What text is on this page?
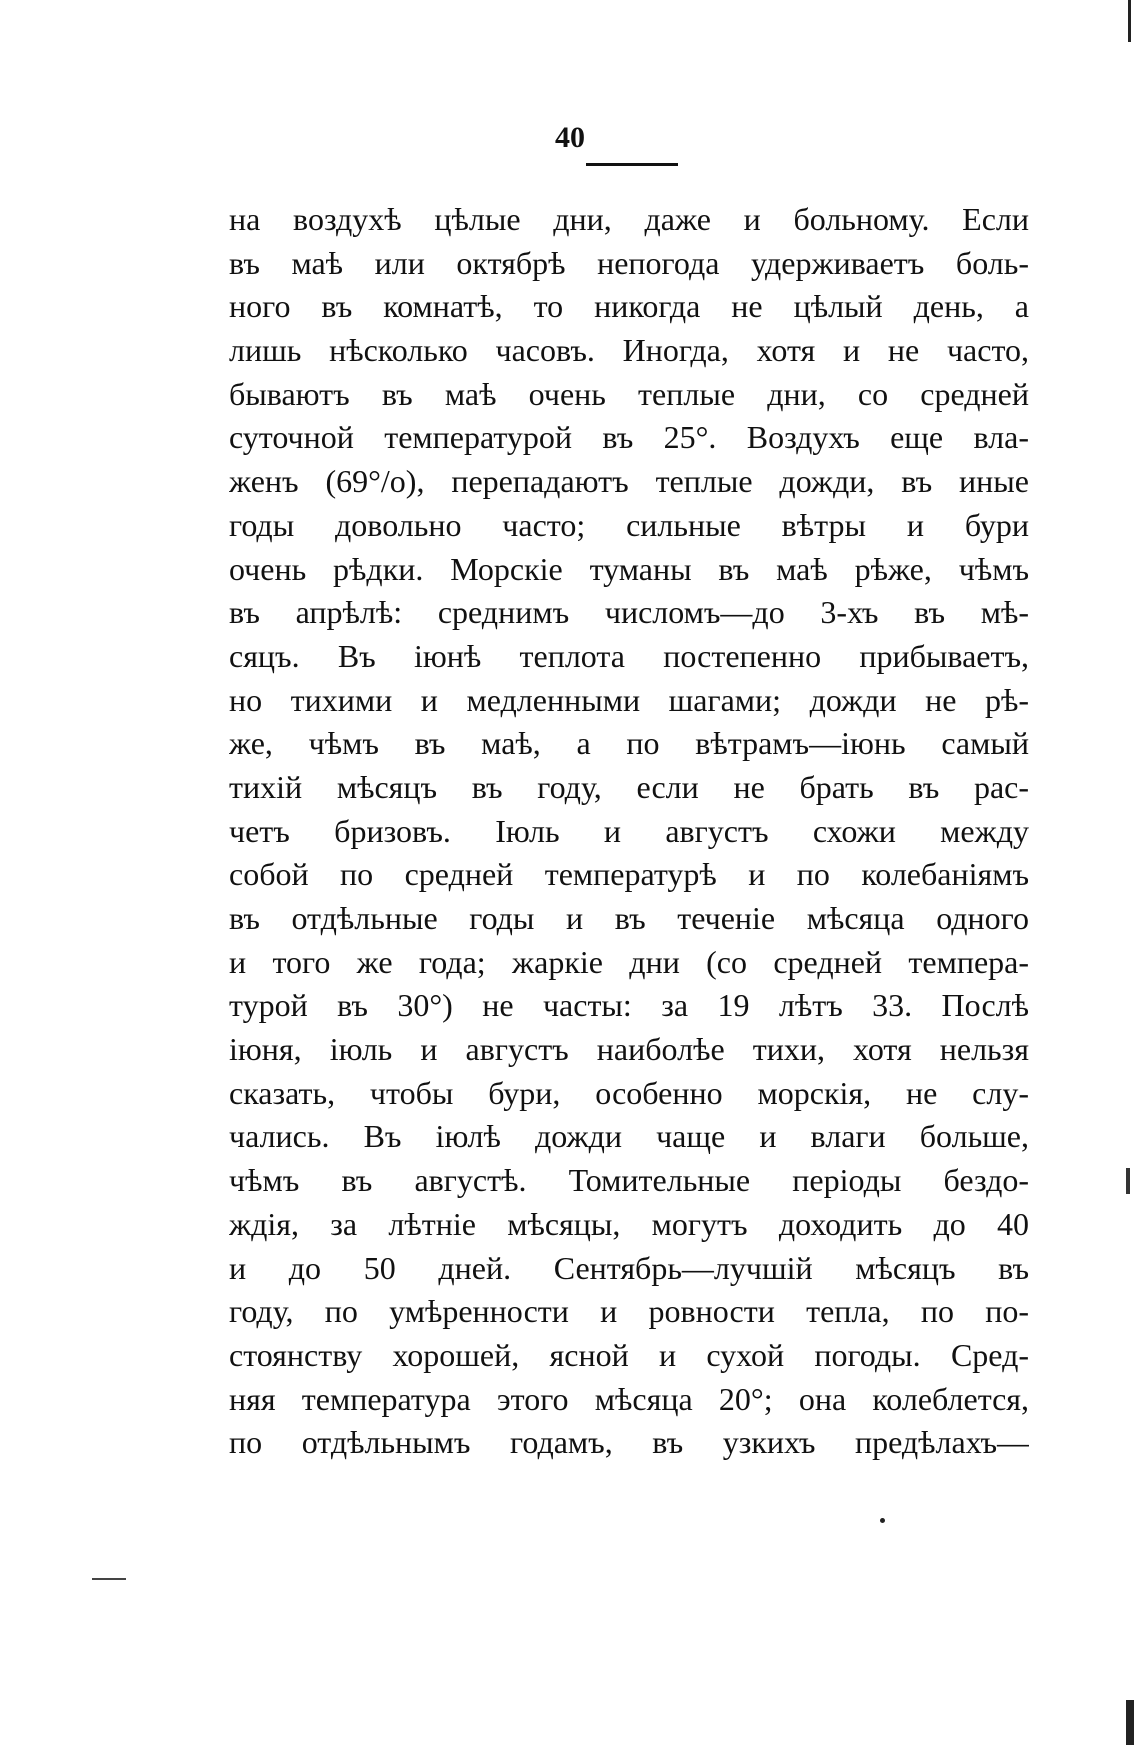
40
на воздухѣ цѣлые дни, даже и больному. Если
въ маѣ или октябрѣ непогода удерживаетъ боль-
ного въ комнатѣ, то никогда не цѣлый день, а
лишь нѣсколько часовъ. Иногда, хотя и не часто,
бываютъ въ маѣ очень теплые дни, со средней
суточной температурой въ 25°. Воздухъ еще вла-
женъ (69°/o), перепадаютъ теплые дожди, въ иные
годы довольно часто; сильные вѣтры и бури
очень рѣдки. Морскіе туманы въ маѣ рѣже, чѣмъ
въ апрѣлѣ: среднимъ числомъ—до 3-хъ въ мѣ-
сяцъ. Въ іюнѣ теплота постепенно прибываетъ,
но тихими и медленными шагами; дожди не рѣ-
же, чѣмъ въ маѣ, а по вѣтрамъ—іюнь самый
тихій мѣсяцъ въ году, если не брать въ рас-
четъ бризовъ. Іюль и августъ схожи между
собой по средней температурѣ и по колебаніямъ
въ отдѣльные годы и въ теченіе мѣсяца одного
и того же года; жаркіе дни (со средней темпера-
турой въ 30°) не часты: за 19 лѣтъ 33. Послѣ
іюня, іюль и августъ наиболѣе тихи, хотя нельзя
сказать, чтобы бури, особенно морскія, не слу-
чались. Въ іюлѣ дожди чаще и влаги больше,
чѣмъ въ августѣ. Томительные періоды бездо-
ждія, за лѣтніе мѣсяцы, могутъ доходить до 40
и до 50 дней. Сентябрь—лучшій мѣсяцъ въ
году, по умѣренности и ровности тепла, по по-
стоянству хорошей, ясной и сухой погоды. Сред-
няя температура этого мѣсяца 20°; она колеблется,
по отдѣльнымъ годамъ, въ узкихъ предѣлахъ—
